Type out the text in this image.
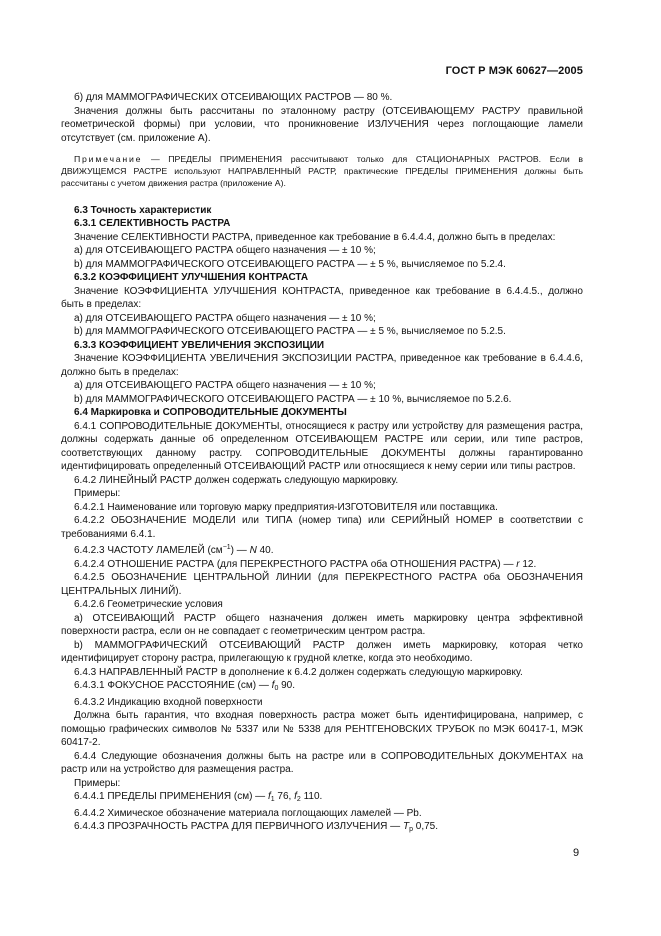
ГОСТ Р МЭК 60627—2005

б) для МАММОГРАФИЧЕСКИХ ОТСЕИВАЮЩИХ РАСТРОВ — 80 %.

Значения должны быть рассчитаны по эталонному растру (ОТСЕИВАЮЩЕМУ РАСТРУ правильной геометрической формы) при условии, что проникновение ИЗЛУЧЕНИЯ через поглощающие ламели отсутствует (см. приложение А).

Примечание — ПРЕДЕЛЫ ПРИМЕНЕНИЯ рассчитывают только для СТАЦИОНАРНЫХ РАСТРОВ. Если в ДВИЖУЩЕМСЯ РАСТРЕ используют НАПРАВЛЕННЫЙ РАСТР, практические ПРЕДЕЛЫ ПРИМЕНЕНИЯ должны быть рассчитаны с учетом движения растра (приложение А).

6.3 Точность характеристик

6.3.1 СЕЛЕКТИВНОСТЬ РАСТРА

Значение СЕЛЕКТИВНОСТИ РАСТРА, приведенное как требование в 6.4.4.4, должно быть в пределах:

a) для ОТСЕИВАЮЩЕГО РАСТРА общего назначения — ± 10 %;

b) для МАММОГРАФИЧЕСКОГО ОТСЕИВАЮЩЕГО РАСТРА — ± 5 %, вычисляемое по 5.2.4.

6.3.2 КОЭФФИЦИЕНТ УЛУЧШЕНИЯ КОНТРАСТА

Значение КОЭФФИЦИЕНТА УЛУЧШЕНИЯ КОНТРАСТА, приведенное как требование в 6.4.4.5., должно быть в пределах:

a) для ОТСЕИВАЮЩЕГО РАСТРА общего назначения — ± 10 %;

b) для МАММОГРАФИЧЕСКОГО ОТСЕИВАЮЩЕГО РАСТРА — ± 5 %, вычисляемое по 5.2.5.

6.3.3 КОЭФФИЦИЕНТ УВЕЛИЧЕНИЯ ЭКСПОЗИЦИИ

Значение КОЭФФИЦИЕНТА УВЕЛИЧЕНИЯ ЭКСПОЗИЦИИ РАСТРА, приведенное как требование в 6.4.4.6, должно быть в пределах:

a) для ОТСЕИВАЮЩЕГО РАСТРА общего назначения — ± 10 %;

b) для МАММОГРАФИЧЕСКОГО ОТСЕИВАЮЩЕГО РАСТРА — ± 10 %, вычисляемое по 5.2.6.

6.4 Маркировка и СОПРОВОДИТЕЛЬНЫЕ ДОКУМЕНТЫ

6.4.1 СОПРОВОДИТЕЛЬНЫЕ ДОКУМЕНТЫ, относящиеся к растру или устройству для размещения растра, должны содержать данные об определенном ОТСЕИВАЮЩЕМ РАСТРЕ или серии, или типе растров, соответствующих данному растру. СОПРОВОДИТЕЛЬНЫЕ ДОКУМЕНТЫ должны гарантированно идентифицировать определенный ОТСЕИВАЮЩИЙ РАСТР или относящиеся к нему серии или типы растров.

6.4.2 ЛИНЕЙНЫЙ РАСТР должен содержать следующую маркировку.

Примеры:

6.4.2.1 Наименование или торговую марку предприятия-ИЗГОТОВИТЕЛЯ или поставщика.

6.4.2.2 ОБОЗНАЧЕНИЕ МОДЕЛИ или ТИПА (номер типа) или СЕРИЙНЫЙ НОМЕР в соответствии с требованиями 6.4.1.

6.4.2.3 ЧАСТОТУ ЛАМЕЛЕЙ $(см^{-1})$ — N 40.

6.4.2.4 ОТНОШЕНИЕ РАСТРА (для ПЕРЕКРЕСТНОГО РАСТРА оба ОТНОШЕНИЯ РАСТРА) — r 12.

6.4.2.5 ОБОЗНАЧЕНИЕ ЦЕНТРАЛЬНОЙ ЛИНИИ (для ПЕРЕКРЕСТНОГО РАСТРА оба ОБОЗНАЧЕНИЯ ЦЕНТРАЛЬНЫХ ЛИНИЙ).

6.4.2.6 Геометрические условия

a) ОТСЕИВАЮЩИЙ РАСТР общего назначения должен иметь маркировку центра эффективной поверхности растра, если он не совпадает с геометрическим центром растра.

b) МАММОГРАФИЧЕСКИЙ ОТСЕИВАЮЩИЙ РАСТР должен иметь маркировку, которая четко идентифицирует сторону растра, прилегающую к грудной клетке, когда это необходимо.

6.4.3 НАПРАВЛЕННЫЙ РАСТР в дополнение к 6.4.2 должен содержать следующую маркировку.

6.4.3.1 ФОКУСНОЕ РАССТОЯНИЕ (см) — $f_0$ 90.

6.4.3.2 Индикацию входной поверхности

Должна быть гарантия, что входная поверхность растра может быть идентифицирована, например, с помощью графических символов № 5337 или № 5338 для РЕНТГЕНОВСКИХ ТРУБОК по МЭК 60417-1, МЭК 60417-2.

6.4.4 Следующие обозначения должны быть на растре или в СОПРОВОДИТЕЛЬНЫХ ДОКУМЕНТАХ на растр или на устройство для размещения растра.

Примеры:

6.4.4.1 ПРЕДЕЛЫ ПРИМЕНЕНИЯ (см) — $f_1$ 76, $f_2$ 110.

6.4.4.2 Химическое обозначение материала поглощающих ламелей — Pb.

6.4.4.3 ПРОЗРАЧНОСТЬ РАСТРА ДЛЯ ПЕРВИЧНОГО ИЗЛУЧЕНИЯ — $T_p$ 0,75.

9
